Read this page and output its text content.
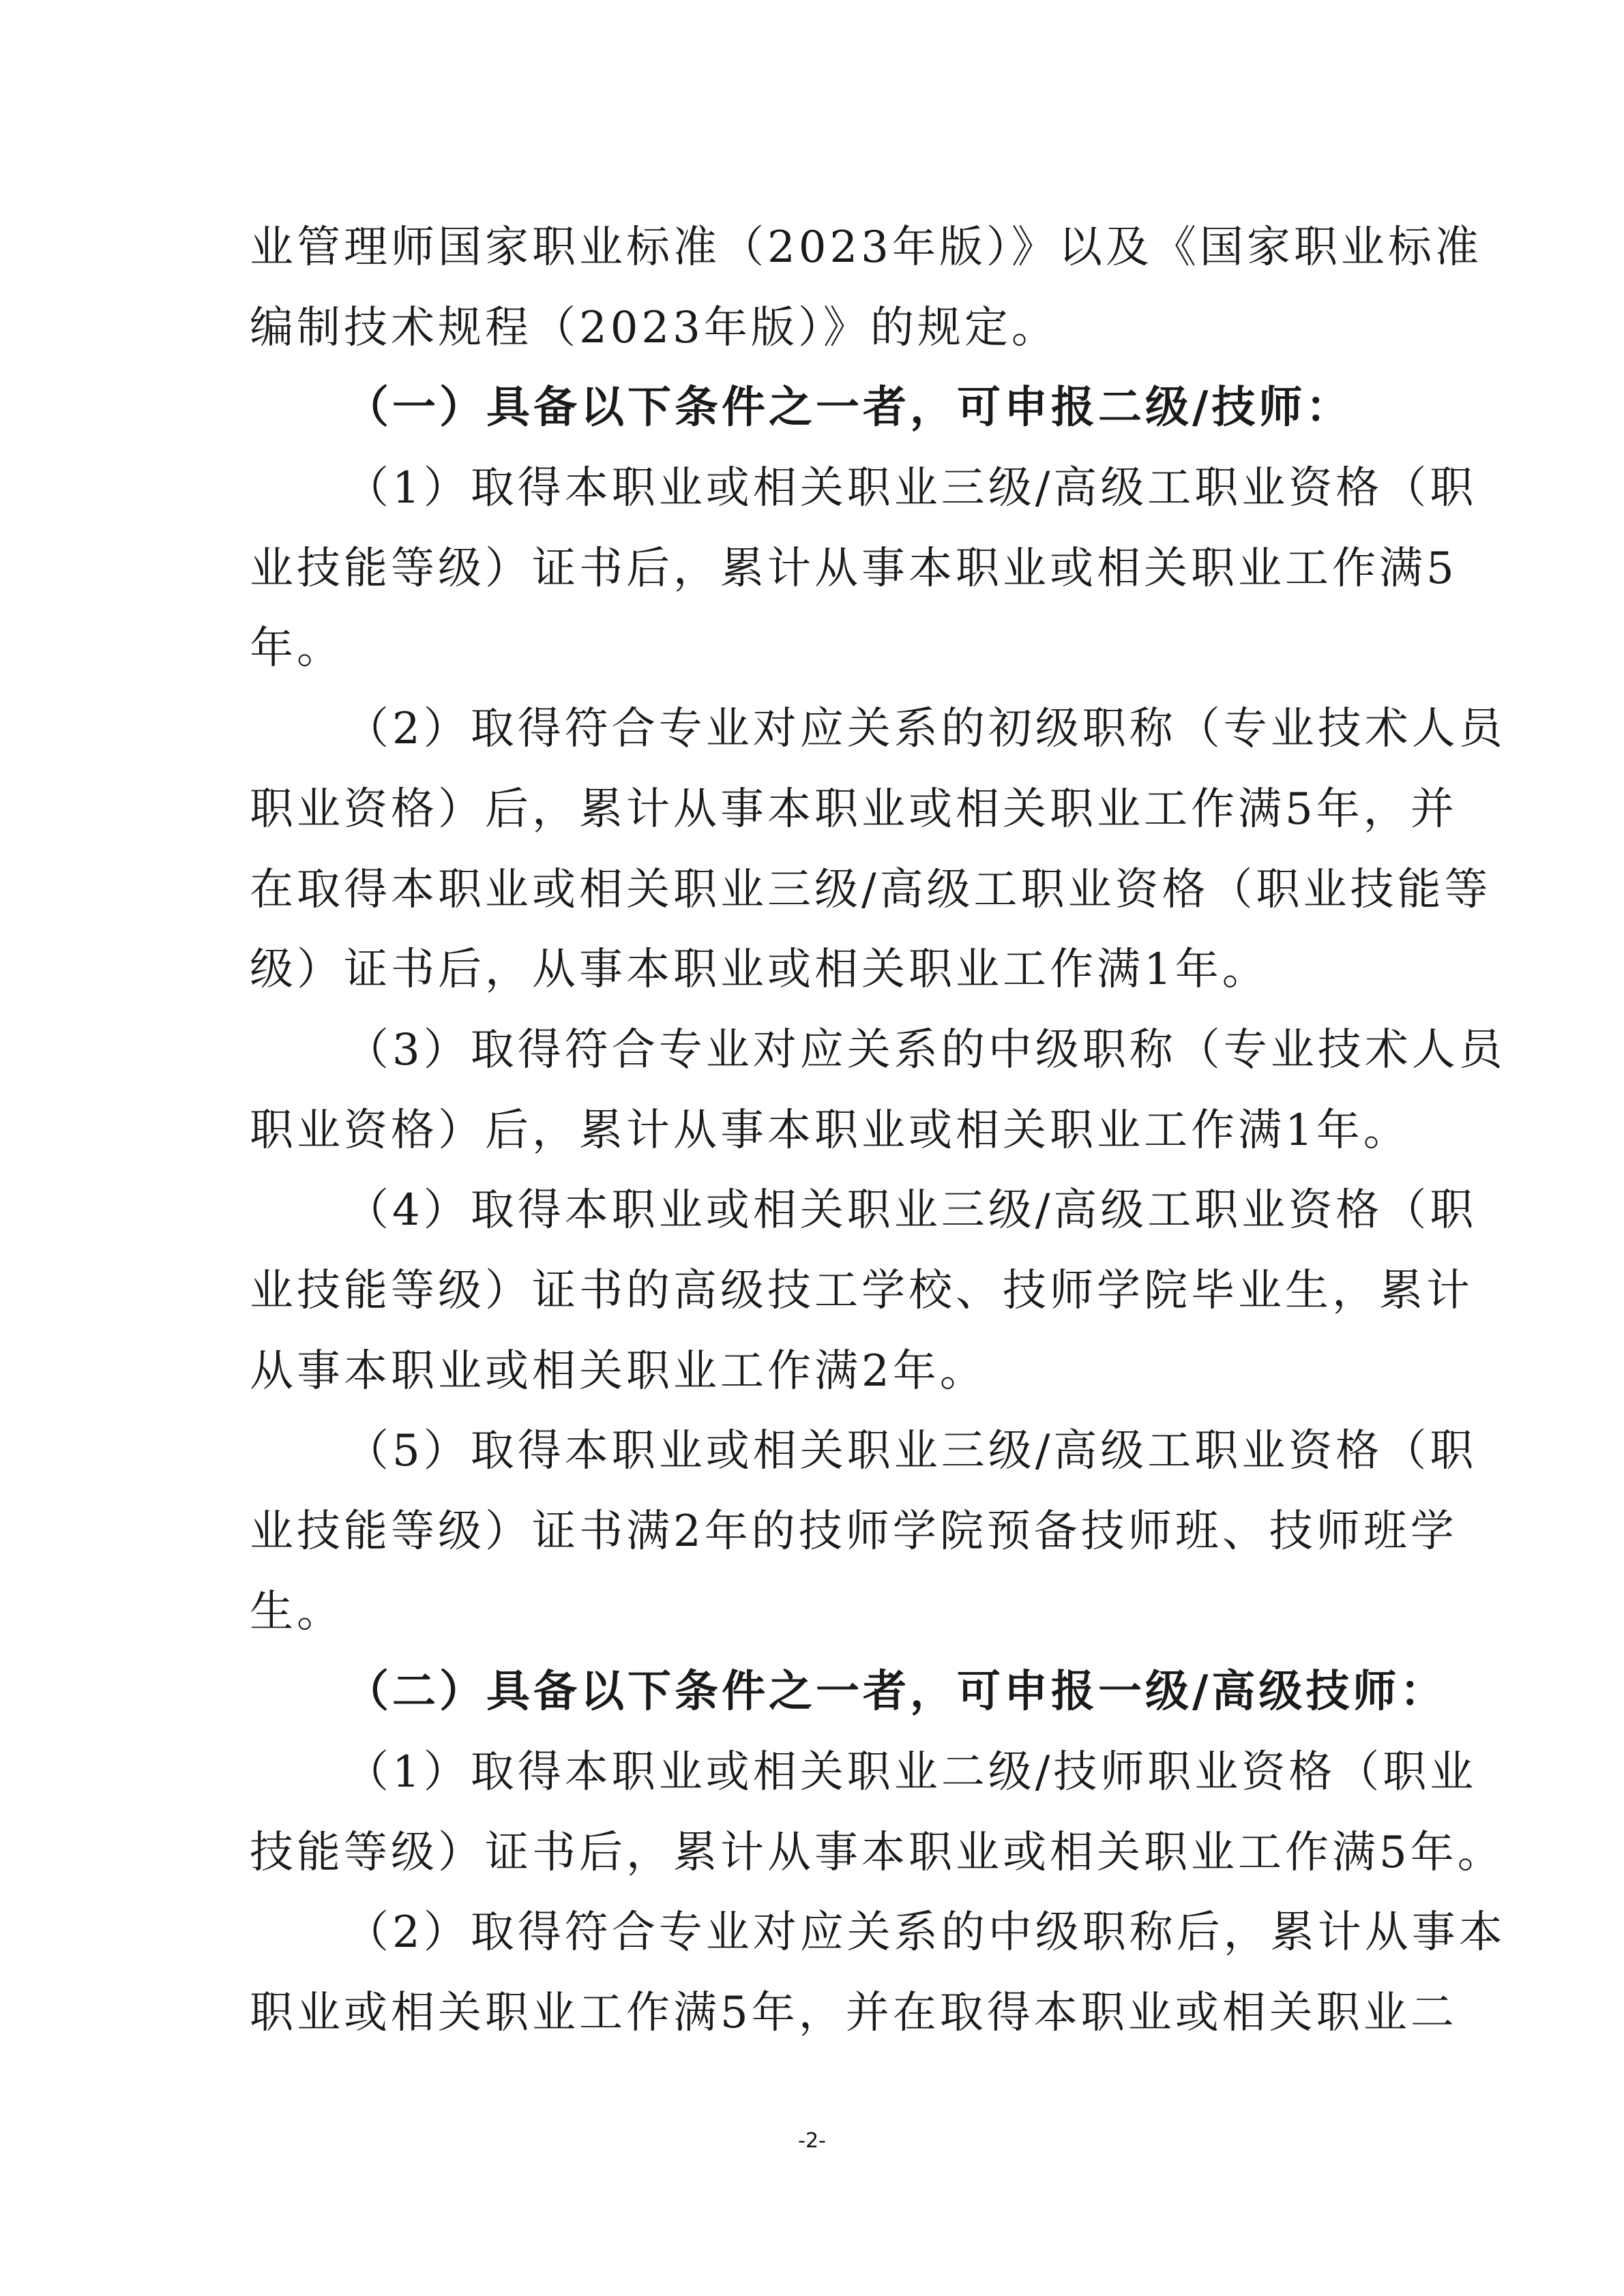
业管理师国家职业标准（2023年版）》以及《国家职业标准
编制技术规程（2023年版）》的规定。
（一）具备以下条件之一者，可申报二级/技师：
（1）取得本职业或相关职业三级/高级工职业资格（职
业技能等级）证书后，累计从事本职业或相关职业工作满5
年。
（2）取得符合专业对应关系的初级职称（专业技术人员
职业资格）后，累计从事本职业或相关职业工作满5年，并
在取得本职业或相关职业三级/高级工职业资格（职业技能等
级）证书后，从事本职业或相关职业工作满1年。
（3）取得符合专业对应关系的中级职称（专业技术人员
职业资格）后，累计从事本职业或相关职业工作满1年。
（4）取得本职业或相关职业三级/高级工职业资格（职
业技能等级）证书的高级技工学校、技师学院毕业生，累计
从事本职业或相关职业工作满2年。
（5）取得本职业或相关职业三级/高级工职业资格（职
业技能等级）证书满2年的技师学院预备技师班、技师班学
生。
（二）具备以下条件之一者，可申报一级/高级技师：
（1）取得本职业或相关职业二级/技师职业资格（职业
技能等级）证书后，累计从事本职业或相关职业工作满5年。
（2）取得符合专业对应关系的中级职称后，累计从事本
职业或相关职业工作满5年，并在取得本职业或相关职业二
-2-
